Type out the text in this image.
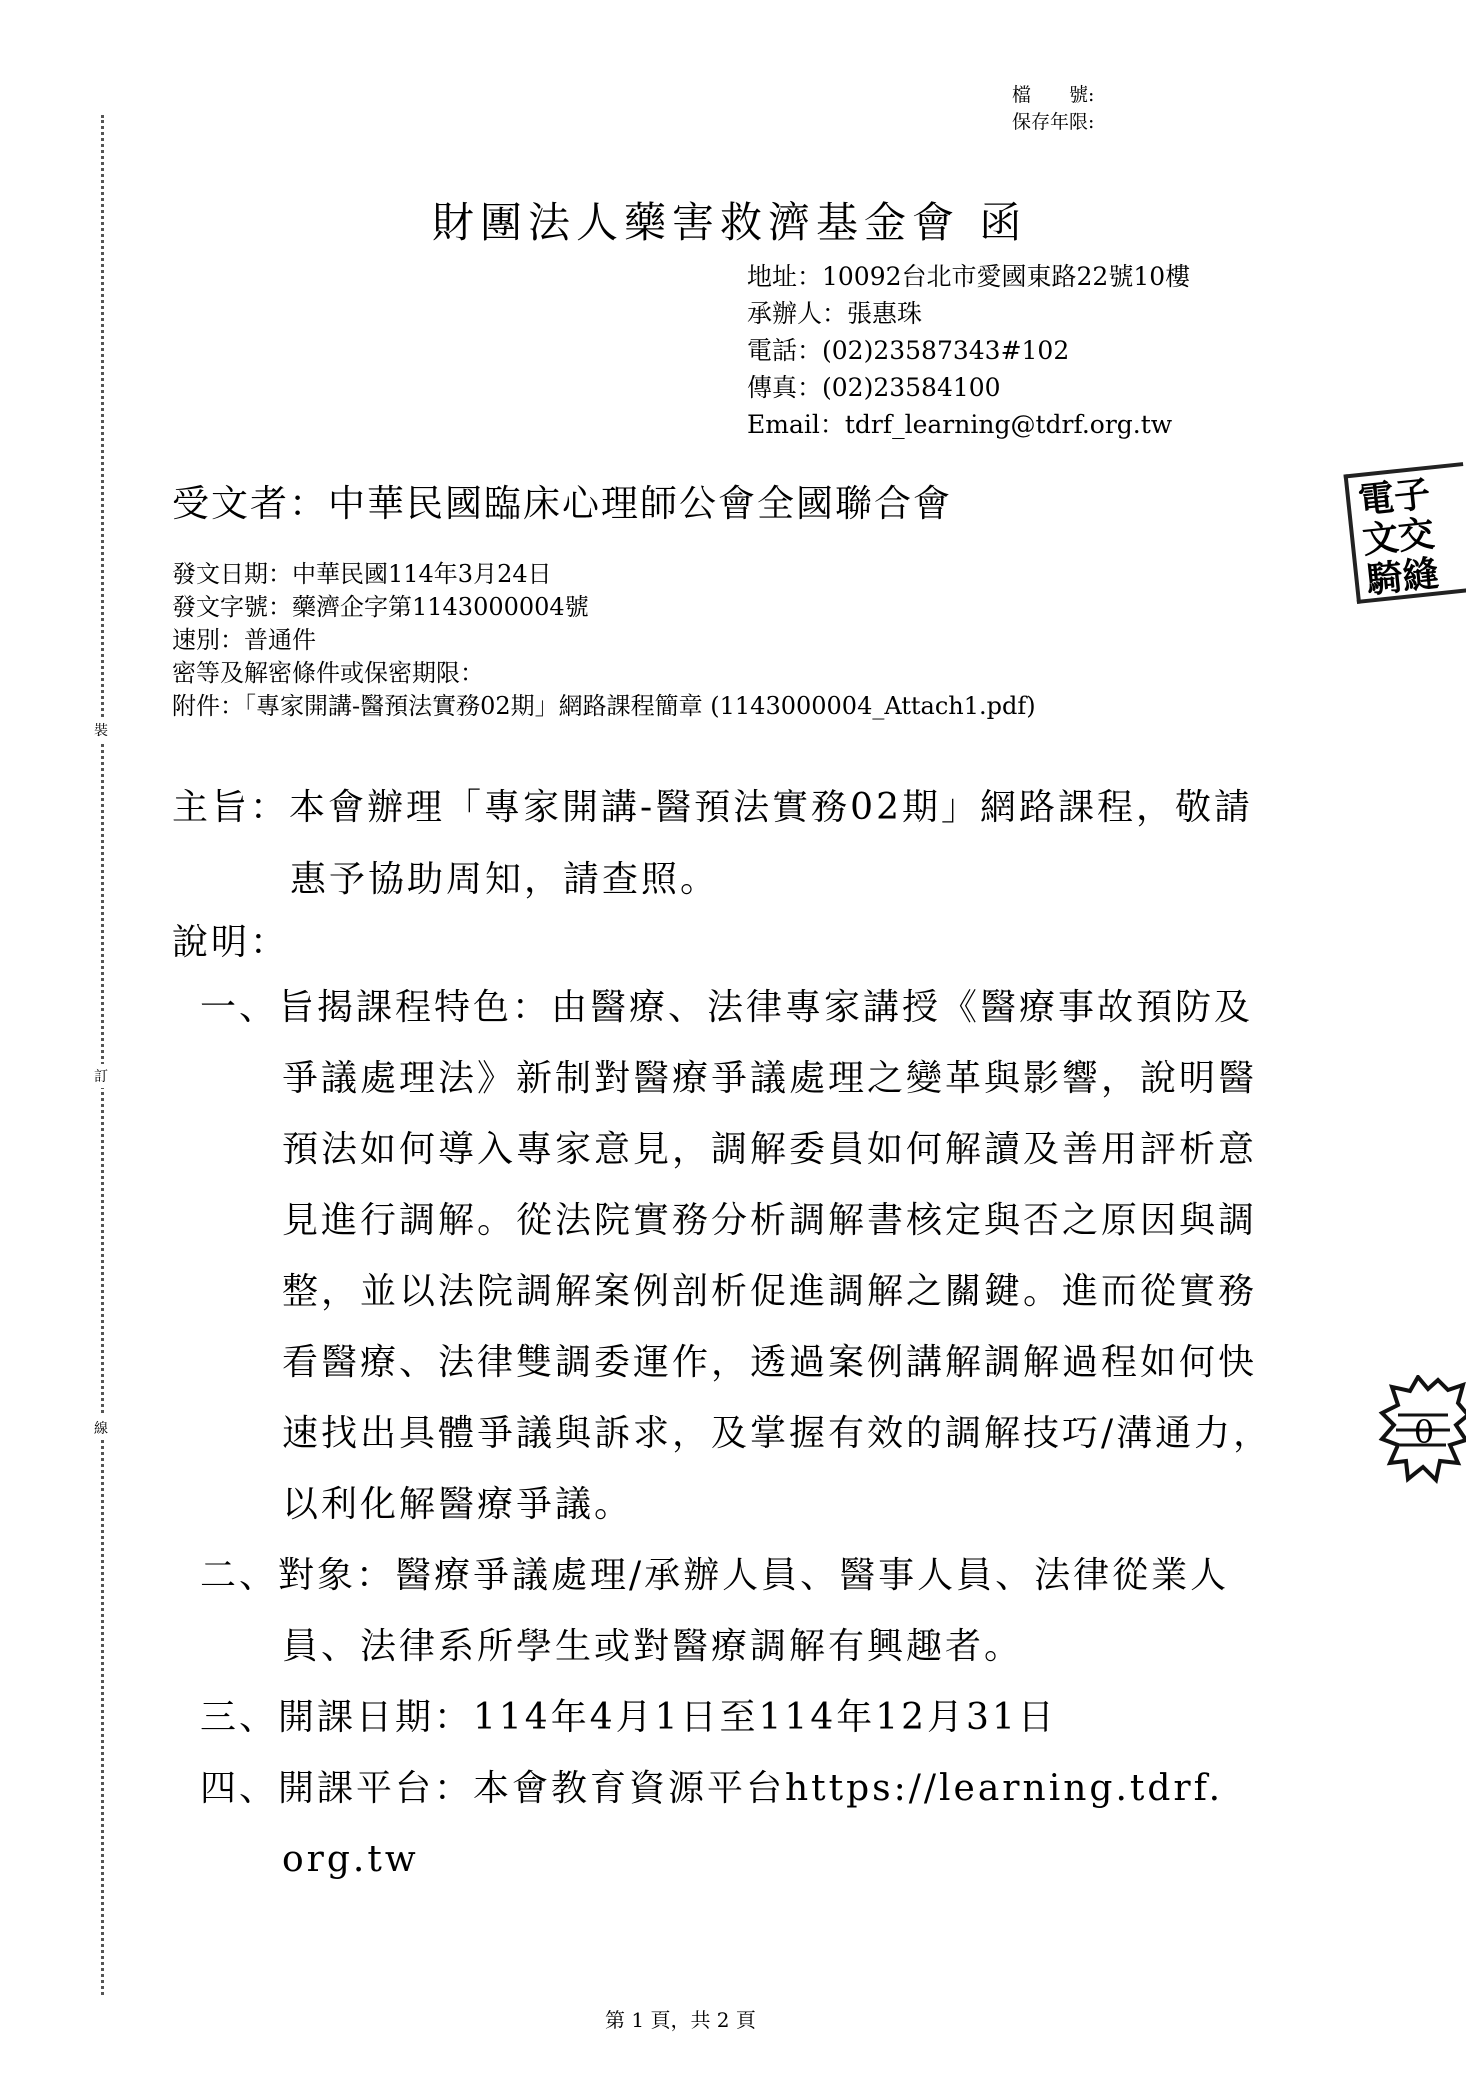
裝
訂
線
檔　　號:
保存年限:
財團法人藥害救濟基金會 函
地址：10092台北市愛國東路22號10樓
承辦人：張惠珠
電話：(02)23587343#102
傳真：(02)23584100
Email：tdrf_learning@tdrf.org.tw
受文者：中華民國臨床心理師公會全國聯合會	電子
文交
騎縫
發文日期：中華民國114年3月24日
發文字號：藥濟企字第1143000004號
速別：普通件
密等及解密條件或保密期限：
附件：「專家開講-醫預法實務02期」網路課程簡章 (1143000004_Attach1.pdf)
主旨：本會辦理「專家開講-醫預法實務02期」網路課程，敬請
惠予協助周知，請查照。
說明：
一、旨揭課程特色：由醫療、法律專家講授《醫療事故預防及
爭議處理法》新制對醫療爭議處理之變革與影響，說明醫
預法如何導入專家意見，調解委員如何解讀及善用評析意
見進行調解。從法院實務分析調解書核定與否之原因與調
整，並以法院調解案例剖析促進調解之關鍵。進而從實務
看醫療、法律雙調委運作，透過案例講解調解過程如何快
速找出具體爭議與訴求，及掌握有效的調解技巧/溝通力，
以利化解醫療爭議。
二、對象：醫療爭議處理/承辦人員、醫事人員、法律從業人
員、法律系所學生或對醫療調解有興趣者。
三、開課日期：114年4月1日至114年12月31日
四、開課平台：本會教育資源平台https://learning.tdrf.
org.tw
0
第 1 頁，共 2 頁
